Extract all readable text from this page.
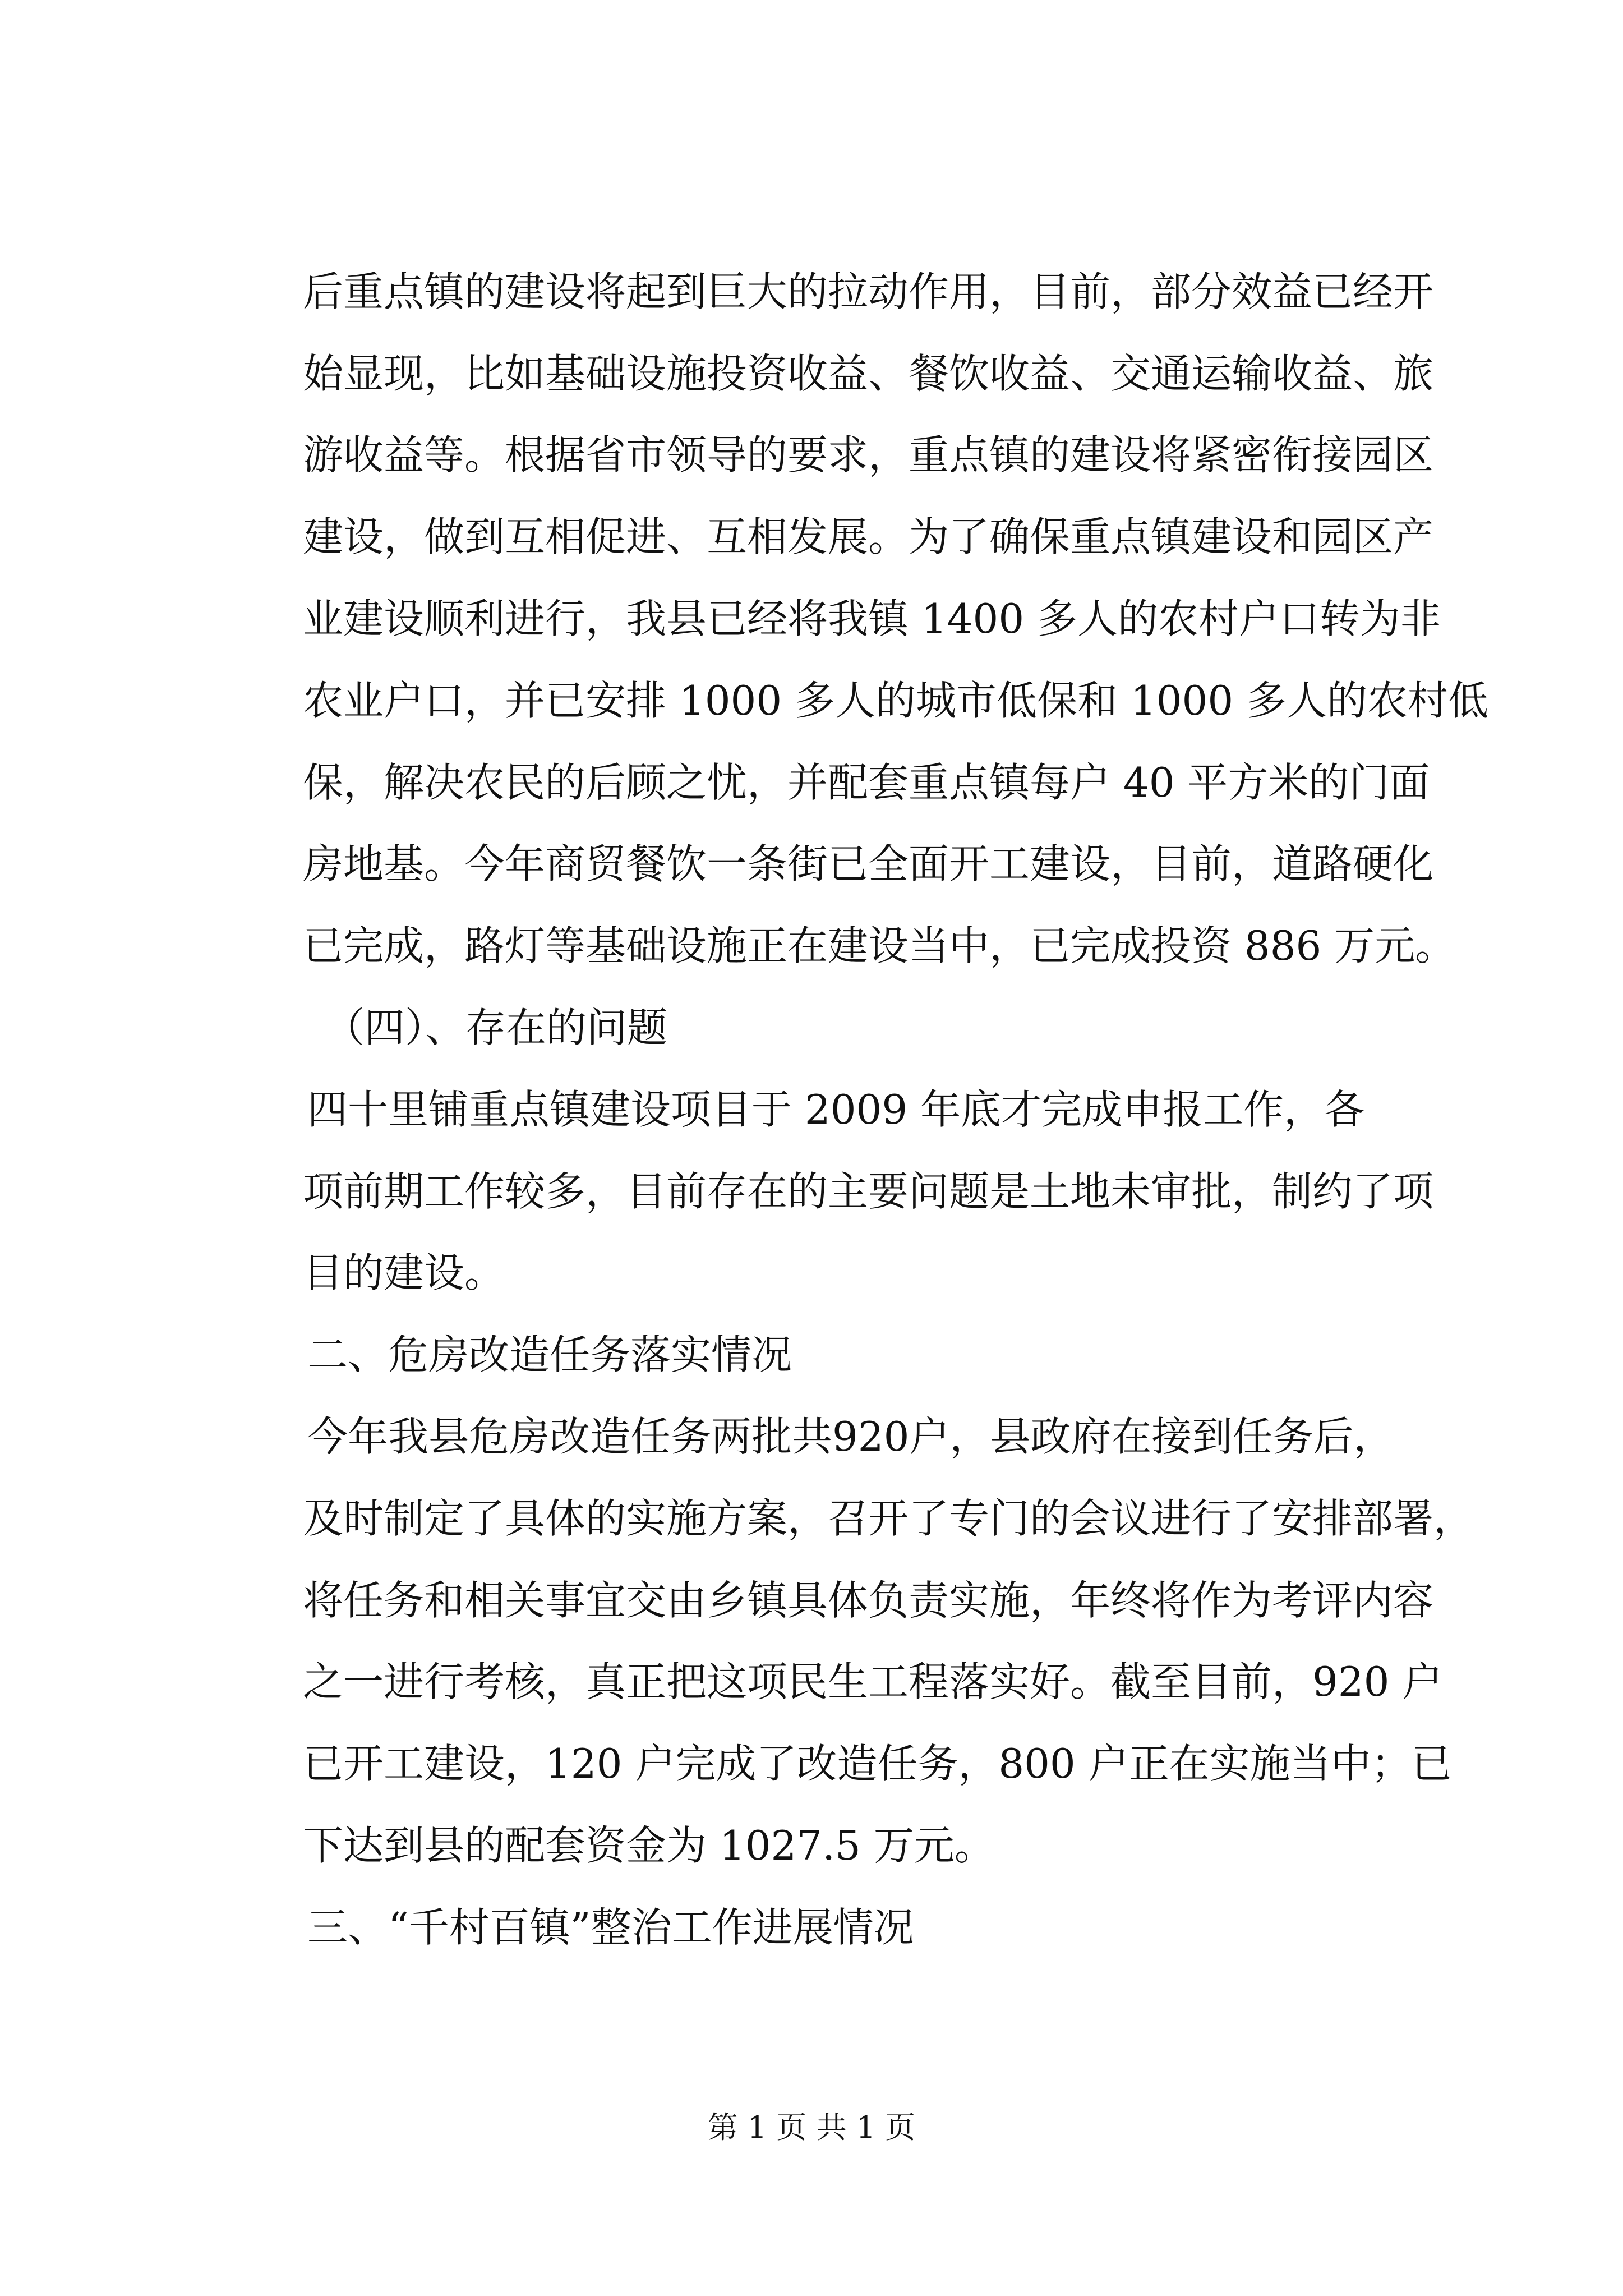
后重点镇的建设将起到巨大的拉动作用，目前，部分效益已经开
始显现，比如基础设施投资收益、餐饮收益、交通运输收益、旅
游收益等。根据省市领导的要求，重点镇的建设将紧密衔接园区
建设，做到互相促进、互相发展。为了确保重点镇建设和园区产
业建设顺利进行，我县已经将我镇 1400 多人的农村户口转为非
农业户口，并已安排 1000 多人的城市低保和 1000 多人的农村低
保，解决农民的后顾之忧，并配套重点镇每户 40 平方米的门面
房地基。今年商贸餐饮一条街已全面开工建设，目前，道路硬化
已完成，路灯等基础设施正在建设当中，已完成投资 886 万元。
（四）、存在的问题
四十里铺重点镇建设项目于 2009 年底才完成申报工作，各
项前期工作较多，目前存在的主要问题是土地未审批，制约了项
目的建设。
二、危房改造任务落实情况
今年我县危房改造任务两批共920户，县政府在接到任务后，
及时制定了具体的实施方案，召开了专门的会议进行了安排部署，
将任务和相关事宜交由乡镇具体负责实施，年终将作为考评内容
之一进行考核，真正把这项民生工程落实好。截至目前，920 户
已开工建设，120 户完成了改造任务，800 户正在实施当中；已
下达到县的配套资金为 1027.5 万元。
三、“千村百镇”整治工作进展情况
第 1 页 共 1 页
